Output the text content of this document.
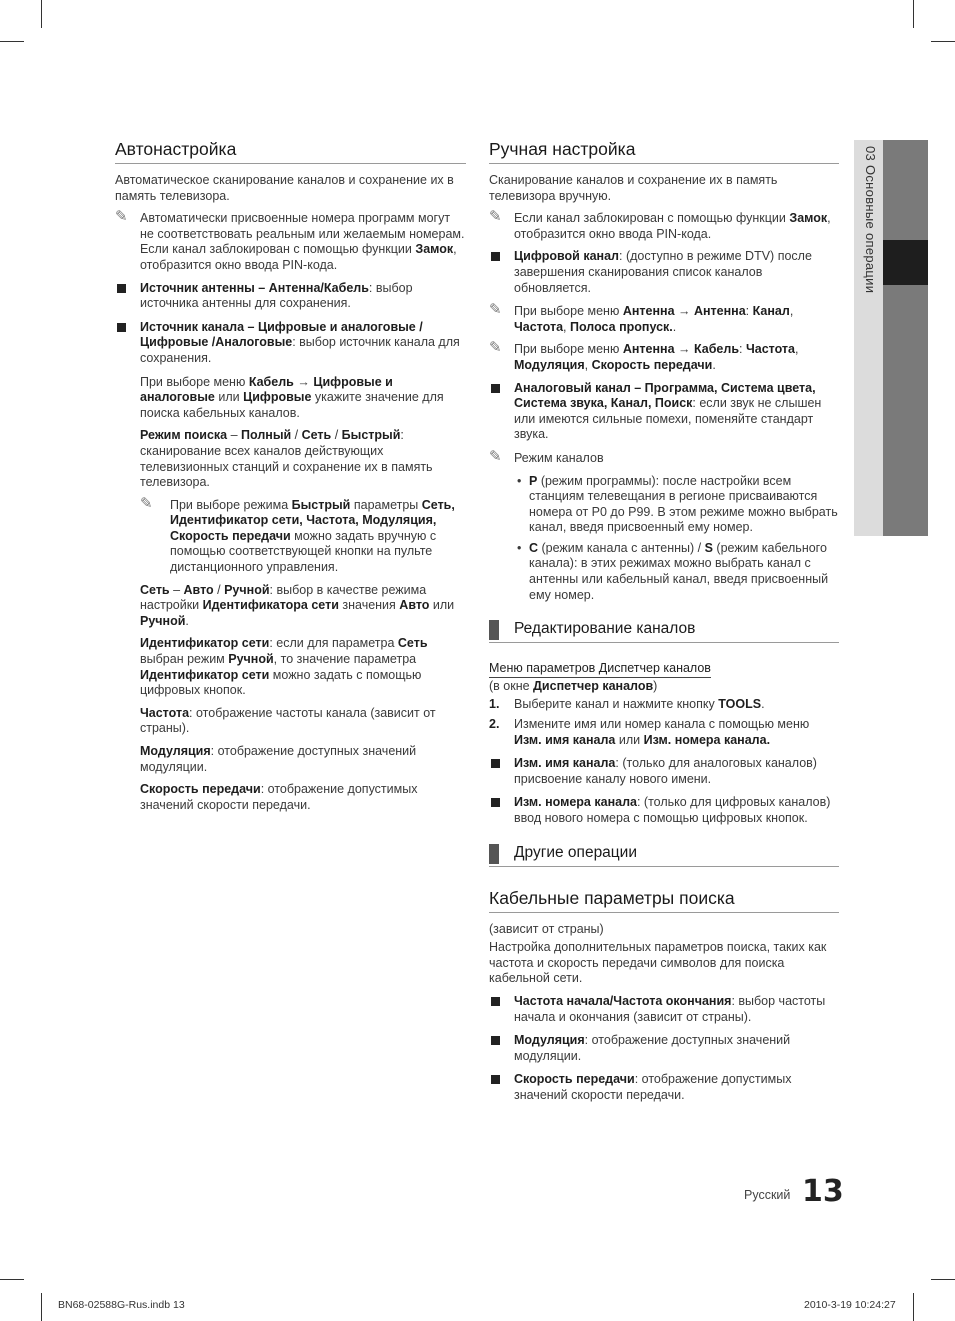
Автонастройка

Автоматическое сканирование каналов и сохранение их в память телевизора.

✎ Автоматически присвоенные номера программ могут не соответствовать реальным или желаемым номерам. Если канал заблокирован с помощью функции Замок, отобразится окно ввода PIN-кода.
Источник антенны – Антенна/Кабель: выбор источника антенны для сохранения.
Источник канала – Цифровые и аналоговые / Цифровые /Аналоговые: выбор источник канала для сохранения.

При выборе меню Кабель → Цифровые и аналоговые или Цифровые укажите значение для поиска кабельных каналов.

Режим поиска – Полный / Сеть / Быстрый: сканирование всех каналов действующих телевизионных станций и сохранение их в память телевизора.

✎ При выборе режима Быстрый параметры Сеть, Идентификатор сети, Частота, Модуляция, Скорость передачи можно задать вручную с помощью соответствующей кнопки на пульте дистанционного управления.

Сеть – Авто / Ручной: выбор в качестве режима настройки Идентификатора сети значения Авто или Ручной.

Идентификатор сети: если для параметра Сеть выбран режим Ручной, то значение параметра Идентификатор сети можно задать с помощью цифровых кнопок.

Частота: отображение частоты канала (зависит от страны).

Модуляция: отображение доступных значений модуляции.

Скорость передачи: отображение допустимых значений скорости передачи.

Ручная настройка

Сканирование каналов и сохранение их в память телевизора вручную.

✎ Если канал заблокирован с помощью функции Замок, отобразится окно ввода PIN-кода.
Цифровой канал: (доступно в режиме DTV) после завершения сканирования список каналов обновляется.
✎ При выборе меню Антенна → Антенна: Канал, Частота, Полоса пропуск..
✎ При выборе меню Антенна → Кабель: Частота, Модуляция, Скорость передачи.
Аналоговый канал – Программа, Система цвета, Система звука, Канал, Поиск: если звук не слышен или имеются сильные помехи, поменяйте стандарт звука.
✎ Режим каналов
• P (режим программы): после настройки всем станциям телевещания в регионе присваиваются номера от P0 до P99. В этом режиме можно выбрать канал, введя присвоенный ему номер.
• C (режим канала с антенны) / S (режим кабельного канала): в этих режимах можно выбрать канал с антенны или кабельный канал, введя присвоенный ему номер.
Редактирование каналов
Меню параметров Диспетчер каналов

(в окне Диспетчер каналов)

1. Выберите канал и нажмите кнопку TOOLS.
2. Измените имя или номер канала с помощью меню Изм. имя канала или Изм. номера канала.
Изм. имя канала: (только для аналоговых каналов) присвоение каналу нового имени.
Изм. номера канала: (только для цифровых каналов) ввод нового номера с помощью цифровых кнопок.
Другие операции
Кабельные параметры поиска

(зависит от страны)

Настройка дополнительных параметров поиска, таких как частота и скорость передачи символов для поиска кабельной сети.

Частота начала/Частота окончания: выбор частоты начала и окончания (зависит от страны).
Модуляция: отображение доступных значений модуляции.
Скорость передачи: отображение допустимых значений скорости передачи.
03 Основные операции
Русский 13
BN68-02588G-Rus.indb 13	2010-3-19 10:24:27
